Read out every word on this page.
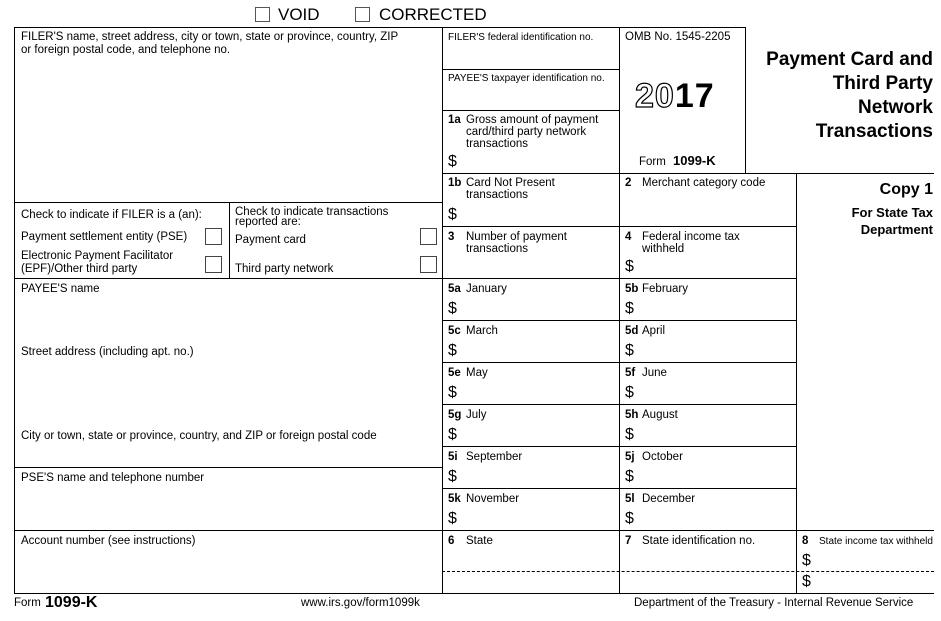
VOID	CORRECTED
FILER'S name, street address, city or town, state or province, country, ZIP
or foreign postal code, and telephone no.
FILER'S federal identification no.
PAYEE'S taxpayer identification no.
Check to indicate if FILER is a (an):
Payment settlement entity (PSE)
Electronic Payment Facilitator
(EPF)/Other third party
Check to indicate transactions
reported are:
Payment card
Third party network
PAYEE'S name
Street address (including apt. no.)
City or town, state or province, country, and ZIP or foreign postal code
PSE'S name and telephone number
Account number (see instructions)
OMB No. 1545-2205
2017
Form 1099-K
Payment Card and
Third Party
Network
Transactions
Copy 1
For State Tax
Department
1a Gross amount of payment
card/third party network
transactions
$
1b Card Not Present
transactions
$
2 Merchant category code
3 Number of payment
transactions
4 Federal income tax
withheld
$
5a January
$
5b February
$
5c March
$
5d April
$
5e May
$
5f June
$
5g July
$
5h August
$
5i September
$
5j October
$
5k November
$
5l December
$
6 State	7 State identification no.	8 State income tax withheld
$
$
Form 1099-K	www.irs.gov/form1099k	Department of the Treasury - Internal Revenue Service
